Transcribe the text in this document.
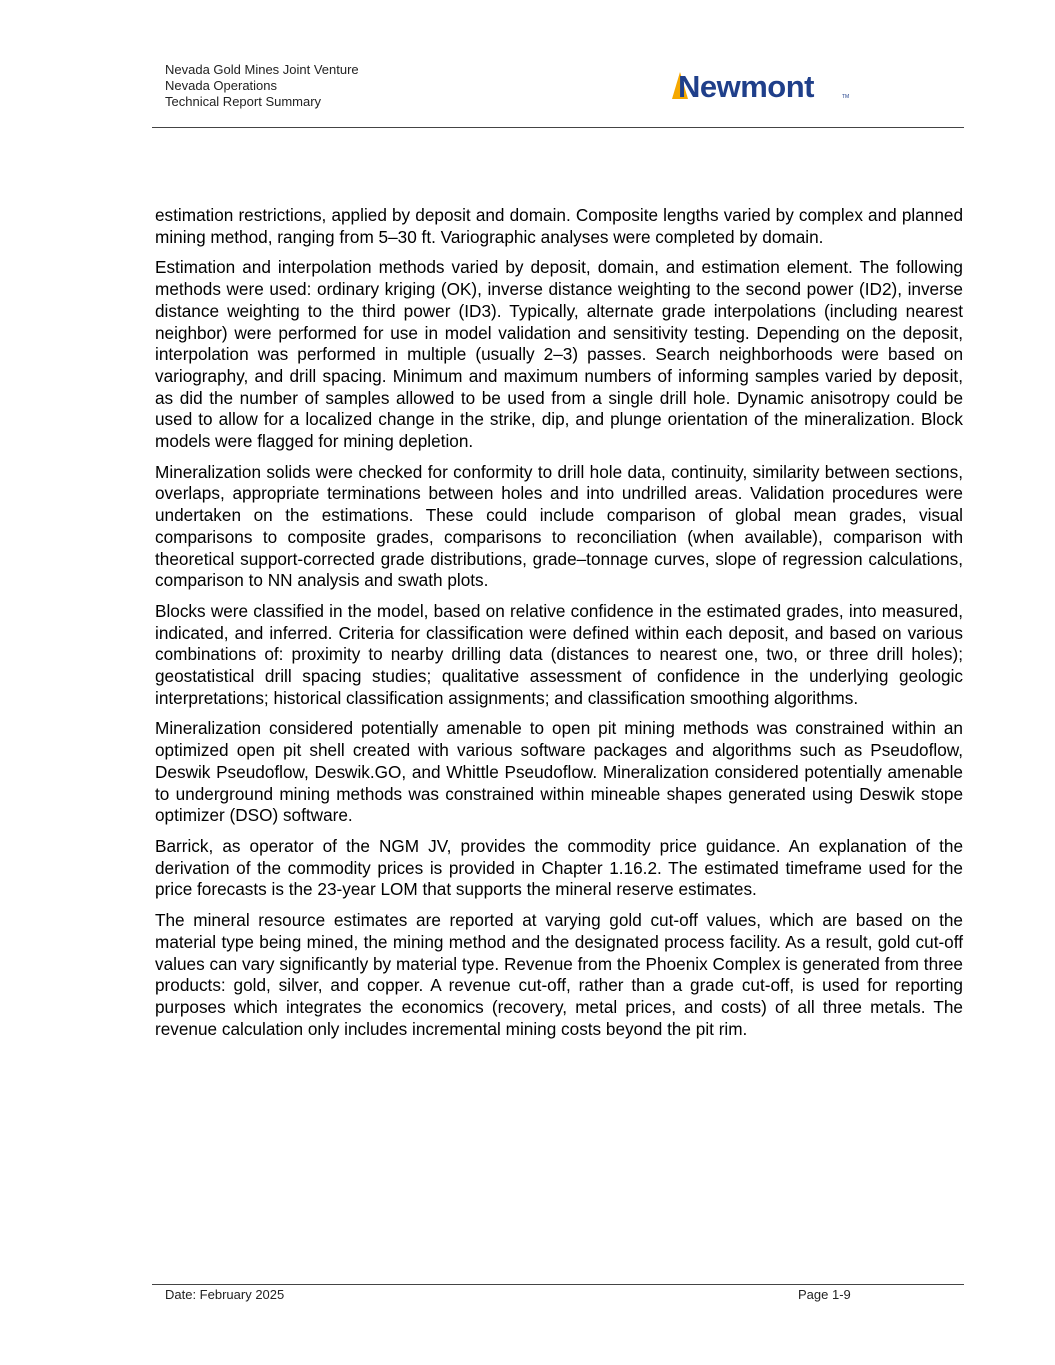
Nevada Gold Mines Joint Venture
Nevada Operations
Technical Report Summary	Newmont	TM

estimation restrictions, applied by deposit and domain. Composite lengths varied by complex and planned mining method, ranging from 5–30 ft. Variographic analyses were completed by domain.

Estimation and interpolation methods varied by deposit, domain, and estimation element. The following methods were used: ordinary kriging (OK), inverse distance weighting to the second power (ID2), inverse distance weighting to the third power (ID3). Typically, alternate grade interpolations (including nearest neighbor) were performed for use in model validation and sensitivity testing. Depending on the deposit, interpolation was performed in multiple (usually 2–3) passes. Search neighborhoods were based on variography, and drill spacing. Minimum and maximum numbers of informing samples varied by deposit, as did the number of samples allowed to be used from a single drill hole. Dynamic anisotropy could be used to allow for a localized change in the strike, dip, and plunge orientation of the mineralization. Block models were flagged for mining depletion.

Mineralization solids were checked for conformity to drill hole data, continuity, similarity between sections, overlaps, appropriate terminations between holes and into undrilled areas. Validation procedures were undertaken on the estimations. These could include comparison of global mean grades, visual comparisons to composite grades, comparisons to reconciliation (when available), comparison with theoretical support-corrected grade distributions, grade–tonnage curves, slope of regression calculations, comparison to NN analysis and swath plots.

Blocks were classified in the model, based on relative confidence in the estimated grades, into measured, indicated, and inferred. Criteria for classification were defined within each deposit, and based on various combinations of: proximity to nearby drilling data (distances to nearest one, two, or three drill holes); geostatistical drill spacing studies; qualitative assessment of confidence in the underlying geologic interpretations; historical classification assignments; and classification smoothing algorithms.

Mineralization considered potentially amenable to open pit mining methods was constrained within an optimized open pit shell created with various software packages and algorithms such as Pseudoflow, Deswik Pseudoflow, Deswik.GO, and Whittle Pseudoflow. Mineralization considered potentially amenable to underground mining methods was constrained within mineable shapes generated using Deswik stope optimizer (DSO) software.

Barrick, as operator of the NGM JV, provides the commodity price guidance. An explanation of the derivation of the commodity prices is provided in Chapter 1.16.2. The estimated timeframe used for the price forecasts is the 23-year LOM that supports the mineral reserve estimates.

The mineral resource estimates are reported at varying gold cut-off values, which are based on the material type being mined, the mining method and the designated process facility. As a result, gold cut-off values can vary significantly by material type. Revenue from the Phoenix Complex is generated from three products: gold, silver, and copper. A revenue cut-off, rather than a grade cut-off, is used for reporting purposes which integrates the economics (recovery, metal prices, and costs) of all three metals. The revenue calculation only includes incremental mining costs beyond the pit rim.

Date: February 2025	Page 1-9
